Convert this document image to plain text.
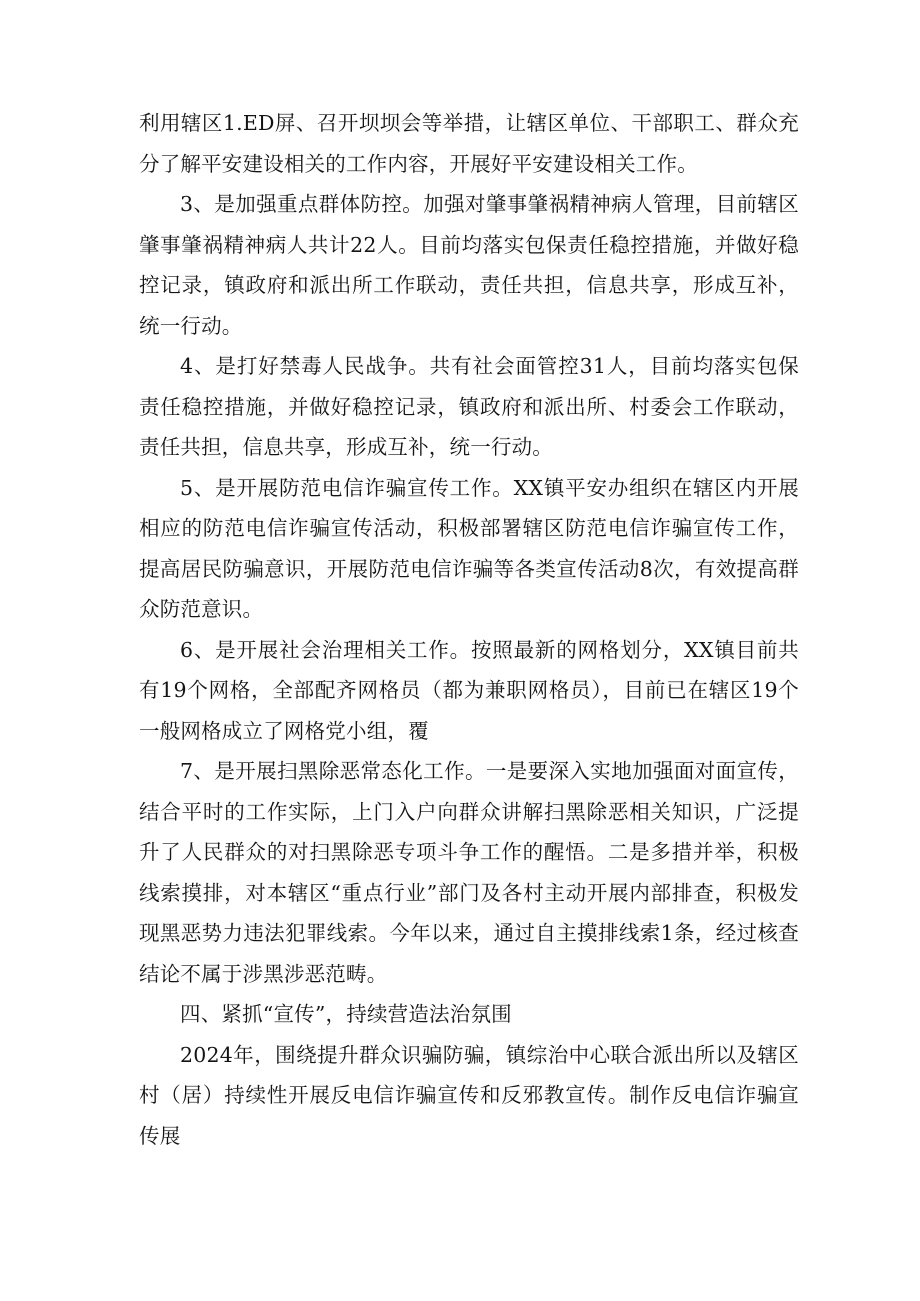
利用辖区1.ED屏、召开坝坝会等举措，让辖区单位、干部职工、群众充分了解平安建设相关的工作内容，开展好平安建设相关工作。

3、是加强重点群体防控。加强对肇事肇祸精神病人管理，目前辖区肇事肇祸精神病人共计22人。目前均落实包保责任稳控措施，并做好稳控记录，镇政府和派出所工作联动，责任共担，信息共享，形成互补，统一行动。

4、是打好禁毒人民战争。共有社会面管控31人，目前均落实包保责任稳控措施，并做好稳控记录，镇政府和派出所、村委会工作联动，责任共担，信息共享，形成互补，统一行动。

5、是开展防范电信诈骗宣传工作。XX镇平安办组织在辖区内开展相应的防范电信诈骗宣传活动，积极部署辖区防范电信诈骗宣传工作，提高居民防骗意识，开展防范电信诈骗等各类宣传活动8次，有效提高群众防范意识。

6、是开展社会治理相关工作。按照最新的网格划分，XX镇目前共有19个网格，全部配齐网格员（都为兼职网格员），目前已在辖区19个一般网格成立了网格党小组，覆

7、是开展扫黑除恶常态化工作。一是要深入实地加强面对面宣传，结合平时的工作实际，上门入户向群众讲解扫黑除恶相关知识，广泛提升了人民群众的对扫黑除恶专项斗争工作的醒悟。二是多措并举，积极线索摸排，对本辖区“重点行业”部门及各村主动开展内部排查，积极发现黑恶势力违法犯罪线索。今年以来，通过自主摸排线索1条，经过核查结论不属于涉黑涉恶范畴。

四、紧抓“宣传”，持续营造法治氛围

2024年，围绕提升群众识骗防骗，镇综治中心联合派出所以及辖区村（居）持续性开展反电信诈骗宣传和反邪教宣传。制作反电信诈骗宣传展
